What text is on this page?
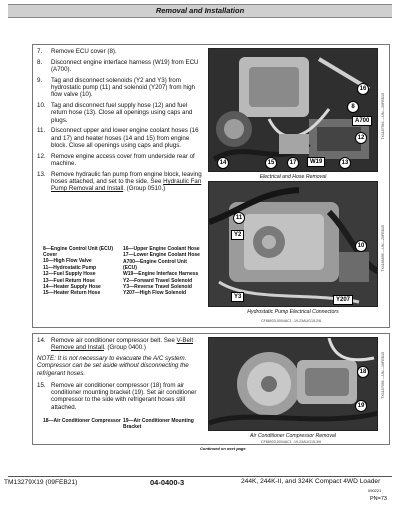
Removal and Installation
7.	Remove ECU cover (8).
8.	Disconnect engine interface harness (W19) from ECU (A700).
9.	Tag and disconnect solenoids (Y2 and Y3) from hydrostatic pump (11) and solenoid (Y207) from high flow valve (10).
10. Tag and disconnect fuel supply hose (12) and fuel return hose (13). Close all openings using caps and plugs.
11. Disconnect upper and lower engine coolant hoses (16 and 17) and heater hoses (14 and 15) from engine block. Close all openings using caps and plugs.
12. Remove engine access cover from underside rear of machine.
13. Remove hydraulic fan pump from engine block, leaving hoses attached, and set to the side. See Hydraulic Fan Pump Removal and Install. (Group 0510.)
8—Engine Control Unit (ECU) Cover
10—High Flow Valve
11—Hydrostatic Pump
12—Fuel Supply Hose
13—Fuel Return Hose
14—Heater Supply Hose
15—Heater Return Hose
16—Upper Engine Coolant Hose
17—Lower Engine Coolant Hose
A700—Engine Control Unit (ECU)
W19—Engine Interface Harness
Y2—Forward Travel Solenoid
Y3—Reverse Travel Solenoid
Y207—High Flow Solenoid
16
8
A700
12
14	15	17	W19	13
Electrical and Hose Removal
TX1187564 —UN—30FEB15
11
Y2
10
Y3	Y207
Hydrostatic Pump Electrical Connectors
TX1186895 —UN—20FEB15
CF88933,0004AC1 -19-23AUG15-2/6
14. Remove air conditioner compressor belt. See V-Belt Remove and Install. (Group 0400.)
NOTE: It is not necessary to evacuate the A/C system. Compressor can be set aside without disconnecting the refrigerant hoses.
15. Remove air conditioner compressor (18) from air conditioner mounting bracket (19). Set air conditioner compressor to the side with refrigerant hoses still attached.
18—Air Conditioner Compressor 19—Air Conditioner Mounting Bracket
18
19
Air Conditioner Compressor Removal
TX1187656 —UN—16FEB15
CF88933,0004AC1 -19-23AUG15-3/6
Continued on next page
TM13279X19 (09FEB21)	04-0400-3	244K, 244K-II, and 324K Compact 4WD Loader
090221
PN=73
